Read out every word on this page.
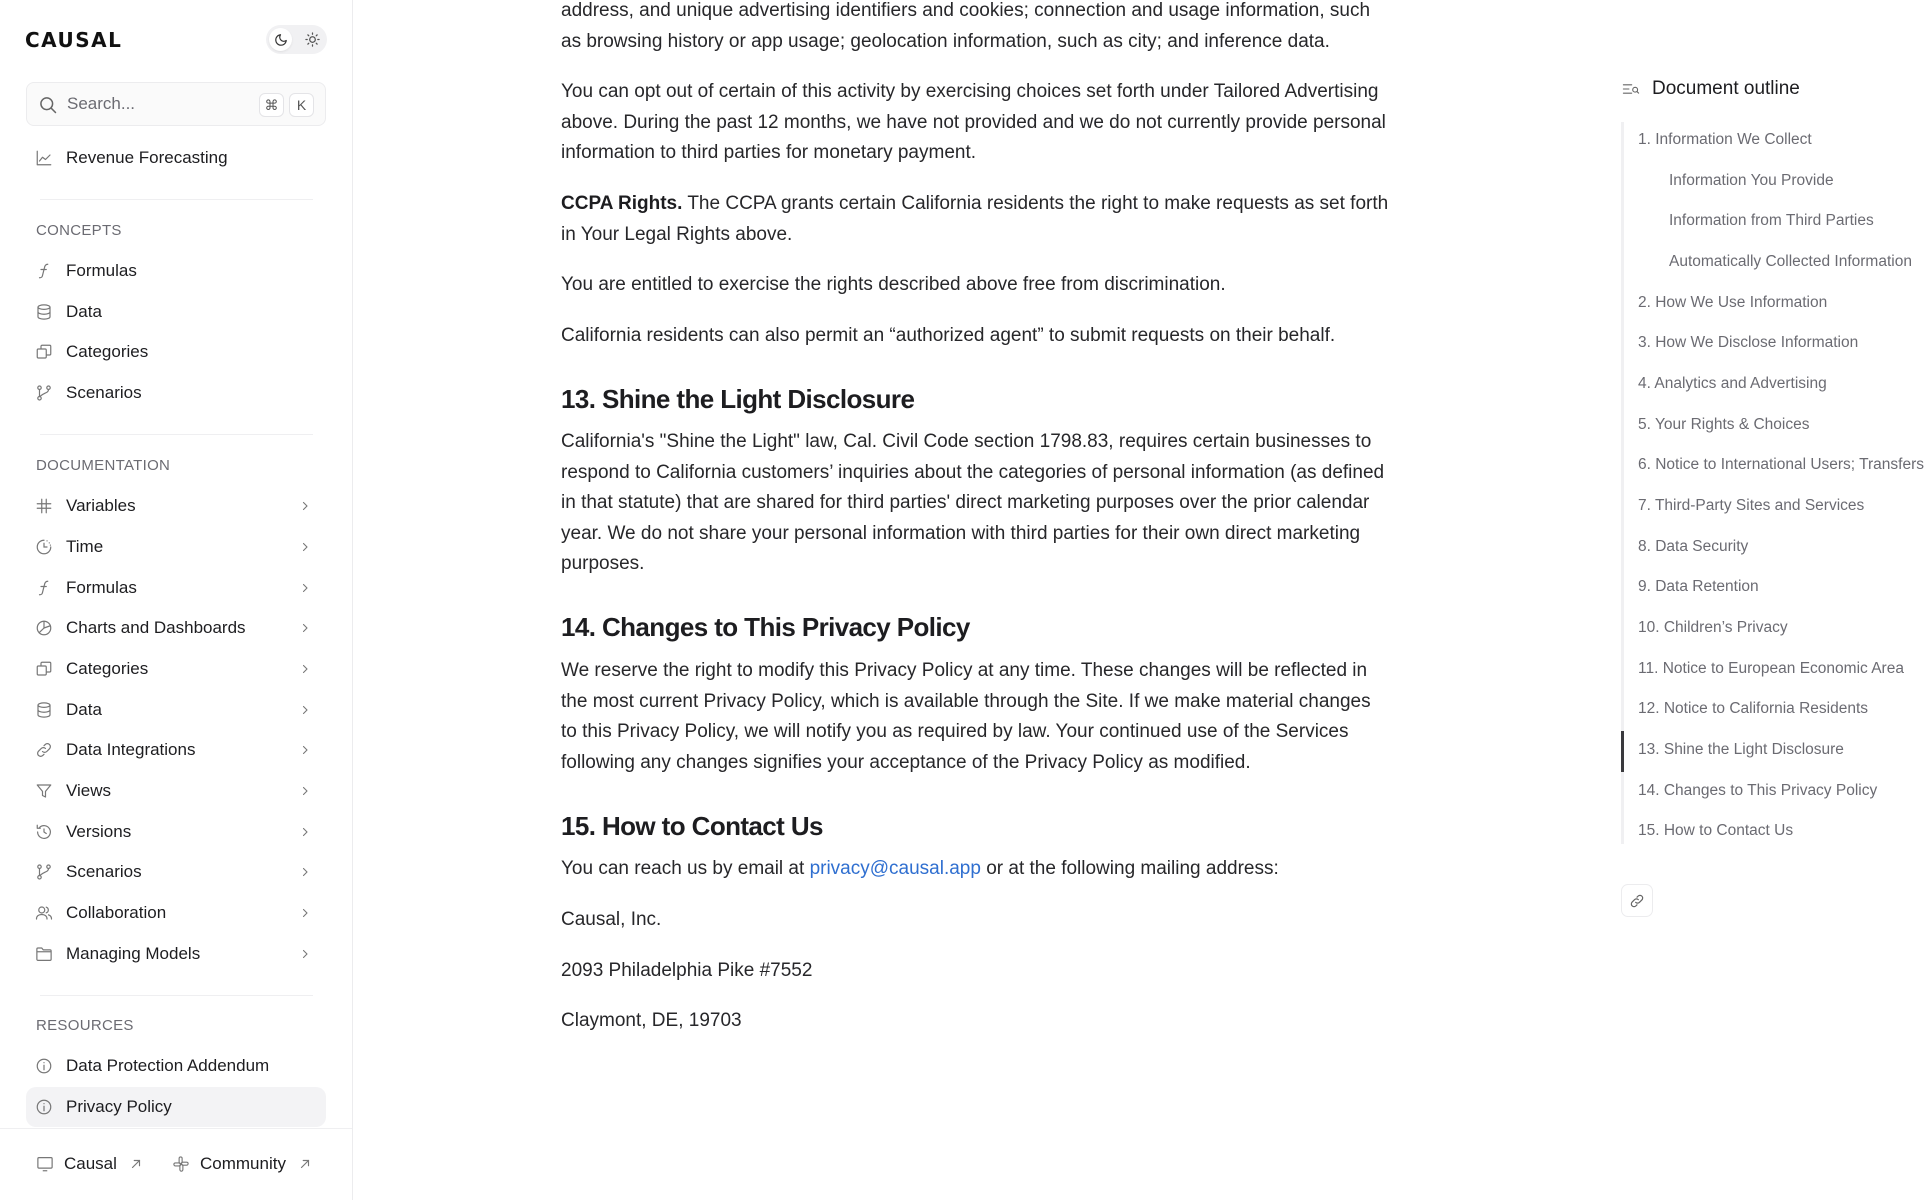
CAUSAL
Search...
⌘	K
Revenue Forecasting
CONCEPTS
Formulas
Data
Categories
Scenarios
DOCUMENTATION
Variables
Time
Formulas
Charts and Dashboards
Categories
Data
Data Integrations
Views
Versions
Scenarios
Collaboration
Managing Models
RESOURCES
Data Protection Addendum
Privacy Policy
Causal	Community

address, and unique advertising identifiers and cookies; connection and usage information, such as browsing history or app usage; geolocation information, such as city; and inference data.

You can opt out of certain of this activity by exercising choices set forth under Tailored Advertising above. During the past 12 months, we have not provided and we do not currently provide personal information to third parties for monetary payment.

CCPA Rights. The CCPA grants certain California residents the right to make requests as set forth in Your Legal Rights above.

You are entitled to exercise the rights described above free from discrimination.

California residents can also permit an “authorized agent” to submit requests on their behalf.

13. Shine the Light Disclosure

California's "Shine the Light" law, Cal. Civil Code section 1798.83, requires certain businesses to respond to California customers’ inquiries about the categories of personal information (as defined in that statute) that are shared for third parties' direct marketing purposes over the prior calendar year. We do not share your personal information with third parties for their own direct marketing purposes.

14. Changes to This Privacy Policy

We reserve the right to modify this Privacy Policy at any time. These changes will be reflected in the most current Privacy Policy, which is available through the Site. If we make material changes to this Privacy Policy, we will notify you as required by law. Your continued use of the Services following any changes signifies your acceptance of the Privacy Policy as modified.

15. How to Contact Us

You can reach us by email at privacy@causal.app or at the following mailing address:

Causal, Inc.

2093 Philadelphia Pike #7552

Claymont, DE, 19703

Document outline
1. Information We Collect
Information You Provide
Information from Third Parties
Automatically Collected Information
2. How We Use Information
3. How We Disclose Information
4. Analytics and Advertising
5. Your Rights & Choices
6. Notice to International Users; Transfers
7. Third-Party Sites and Services
8. Data Security
9. Data Retention
10. Children’s Privacy
11. Notice to European Economic Area
12. Notice to California Residents
13. Shine the Light Disclosure
14. Changes to This Privacy Policy
15. How to Contact Us
